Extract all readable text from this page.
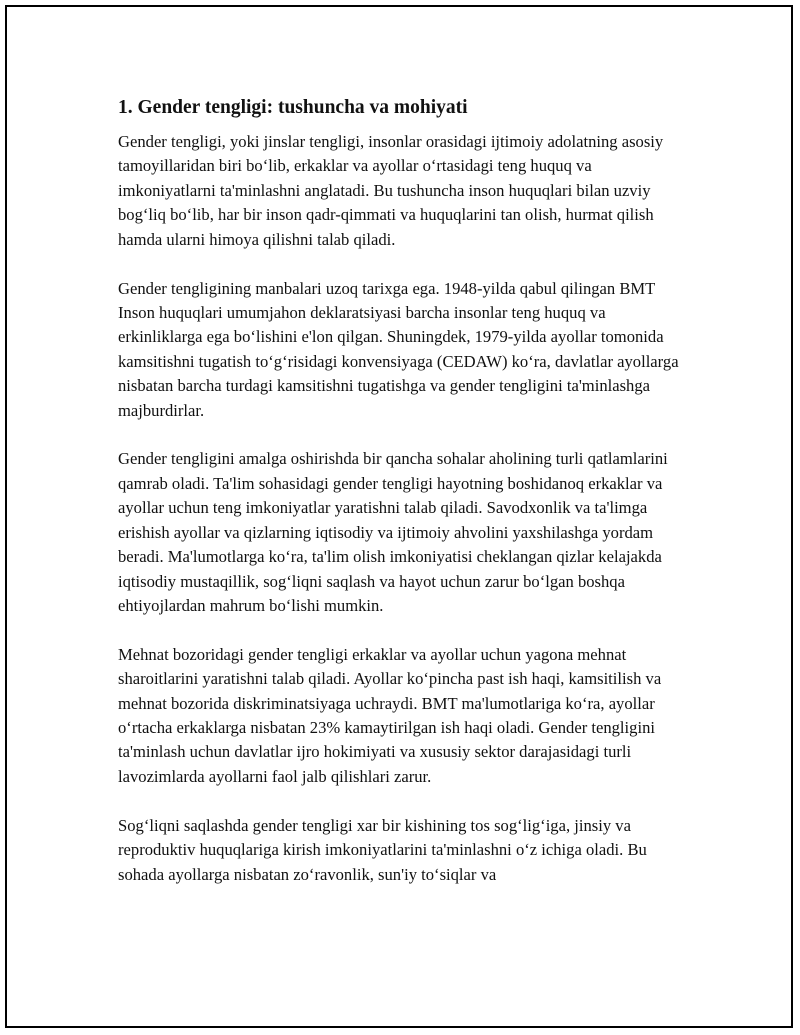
1. Gender tengligi: tushuncha va mohiyati

Gender tengligi, yoki jinslar tengligi, insonlar orasidagi ijtimoiy adolatning asosiy tamoyillaridan biri bo‘lib, erkaklar va ayollar o‘rtasidagi teng huquq va imkoniyatlarni ta'minlashni anglatadi. Bu tushuncha inson huquqlari bilan uzviy bog‘liq bo‘lib, har bir inson qadr-qimmati va huquqlarini tan olish, hurmat qilish hamda ularni himoya qilishni talab qiladi.

Gender tengligining manbalari uzoq tarixga ega. 1948-yilda qabul qilingan BMT Inson huquqlari umumjahon deklaratsiyasi barcha insonlar teng huquq va erkinliklarga ega bo‘lishini e'lon qilgan. Shuningdek, 1979-yilda ayollar tomonida kamsitishni tugatish to‘g‘risidagi konvensiyaga (CEDAW) ko‘ra, davlatlar ayollarga nisbatan barcha turdagi kamsitishni tugatishga va gender tengligini ta'minlashga majburdirlar.

Gender tengligini amalga oshirishda bir qancha sohalar aholining turli qatlamlarini qamrab oladi. Ta'lim sohasidagi gender tengligi hayotning boshidanoq erkaklar va ayollar uchun teng imkoniyatlar yaratishni talab qiladi. Savodxonlik va ta'limga erishish ayollar va qizlarning iqtisodiy va ijtimoiy ahvolini yaxshilashga yordam beradi. Ma'lumotlarga ko‘ra, ta'lim olish imkoniyatisi cheklangan qizlar kelajakda iqtisodiy mustaqillik, sog‘liqni saqlash va hayot uchun zarur bo‘lgan boshqa ehtiyojlardan mahrum bo‘lishi mumkin.

Mehnat bozoridagi gender tengligi erkaklar va ayollar uchun yagona mehnat sharoitlarini yaratishni talab qiladi. Ayollar ko‘pincha past ish haqi, kamsitilish va mehnat bozorida diskriminatsiyaga uchraydi. BMT ma'lumotlariga ko‘ra, ayollar o‘rtacha erkaklarga nisbatan 23% kamaytirilgan ish haqi oladi. Gender tengligini ta'minlash uchun davlatlar ijro hokimiyati va xususiy sektor darajasidagi turli lavozimlarda ayollarni faol jalb qilishlari zarur.

Sog‘liqni saqlashda gender tengligi xar bir kishining tos sog‘lig‘iga, jinsiy va reproduktiv huquqlariga kirish imkoniyatlarini ta'minlashni o‘z ichiga oladi. Bu sohada ayollarga nisbatan zo‘ravonlik, sun'iy to‘siqlar va
